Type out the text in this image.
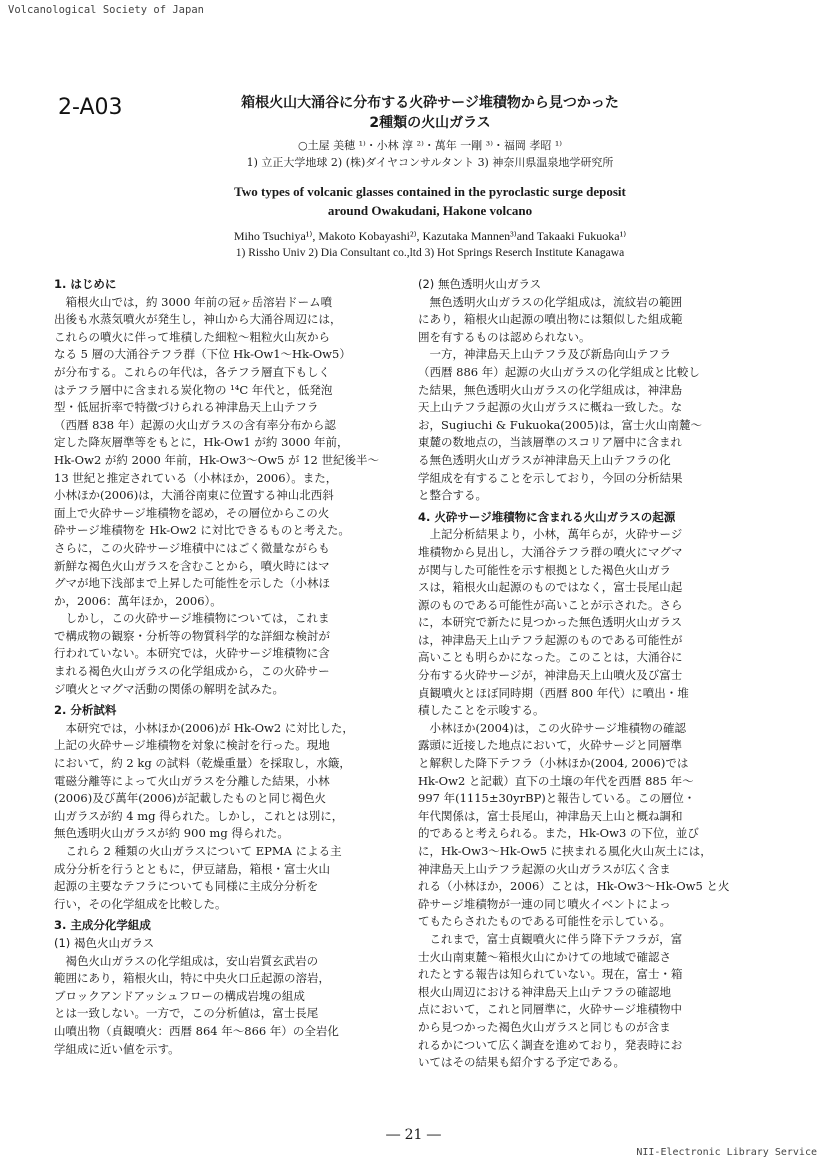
Volcanological Society of Japan
2-A03	箱根火山大涌谷に分布する火砕サージ堆積物から見つかった
2種類の火山ガラス
○土屋 美穂 ¹⁾・小林 淳 ²⁾・萬年 一剛 ³⁾・福岡 孝昭 ¹⁾
1) 立正大学地球 2) (株)ダイヤコンサルタント 3) 神奈川県温泉地学研究所
Two types of volcanic glasses contained in the pyroclastic surge deposit
around Owakudani, Hakone volcano
Miho Tsuchiya¹⁾, Makoto Kobayashi²⁾, Kazutaka Mannen³⁾and Takaaki Fukuoka¹⁾
1) Rissho Univ 2) Dia Consultant co.,ltd 3) Hot Springs Reserch Institute Kanagawa
1. はじめに
　箱根火山では，約 3000 年前の冠ヶ岳溶岩ドーム噴
出後も水蒸気噴火が発生し，神山から大涌谷周辺には，
これらの噴火に伴って堆積した細粒～粗粒火山灰から
なる 5 層の大涌谷テフラ群（下位 Hk-Ow1～Hk-Ow5）
が分布する。これらの年代は，各テフラ層直下もしく
はテフラ層中に含まれる炭化物の ¹⁴C 年代と，低発泡
型・低屈折率で特徴づけられる神津島天上山テフラ
（西暦 838 年）起源の火山ガラスの含有率分布から認
定した降灰層準等をもとに，Hk-Ow1 が約 3000 年前，
Hk-Ow2 が約 2000 年前，Hk-Ow3～Ow5 が 12 世紀後半～
13 世紀と推定されている（小林ほか，2006）。また，
小林ほか(2006)は，大涌谷南東に位置する神山北西斜
面上で火砕サージ堆積物を認め，その層位からこの火
砕サージ堆積物を Hk-Ow2 に対比できるものと考えた。
さらに，この火砕サージ堆積中にはごく微量ながらも
新鮮な褐色火山ガラスを含むことから，噴火時にはマ
グマが地下浅部まで上昇した可能性を示した（小林ほ
か，2006：萬年ほか，2006）。
　しかし，この火砕サージ堆積物については，これま
で構成物の観察・分析等の物質科学的な詳細な検討が
行われていない。本研究では，火砕サージ堆積物に含
まれる褐色火山ガラスの化学組成から，この火砕サー
ジ噴火とマグマ活動の関係の解明を試みた。
2. 分析試料
　本研究では，小林ほか(2006)が Hk-Ow2 に対比した，
上記の火砕サージ堆積物を対象に検討を行った。現地
において，約 2 kg の試料（乾燥重量）を採取し，水簸，
電磁分離等によって火山ガラスを分離した結果，小林
(2006)及び萬年(2006)が記載したものと同じ褐色火
山ガラスが約 4 mg 得られた。しかし，これとは別に，
無色透明火山ガラスが約 900 mg 得られた。
　これら 2 種類の火山ガラスについて EPMA による主
成分分析を行うとともに，伊豆諸島，箱根・富士火山
起源の主要なテフラについても同様に主成分分析を
行い，その化学組成を比較した。
3. 主成分化学組成
(1) 褐色火山ガラス
　褐色火山ガラスの化学組成は，安山岩質玄武岩の
範囲にあり，箱根火山，特に中央火口丘起源の溶岩，
ブロックアンドアッシュフローの構成岩塊の組成
とは一致しない。一方で，この分析値は，富士長尾
山噴出物（貞観噴火：西暦 864 年～866 年）の全岩化
学組成に近い値を示す。
(2) 無色透明火山ガラス
　無色透明火山ガラスの化学組成は，流紋岩の範囲
にあり，箱根火山起源の噴出物には類似した組成範
囲を有するものは認められない。
　一方，神津島天上山テフラ及び新島向山テフラ
（西暦 886 年）起源の火山ガラスの化学組成と比較し
た結果，無色透明火山ガラスの化学組成は，神津島
天上山テフラ起源の火山ガラスに概ね一致した。な
お，Sugiuchi & Fukuoka(2005)は，富士火山南麓～
東麓の数地点の，当該層準のスコリア層中に含まれ
る無色透明火山ガラスが神津島天上山テフラの化
学組成を有することを示しており，今回の分析結果
と整合する。
4. 火砕サージ堆積物に含まれる火山ガラスの起源
　上記分析結果より，小林，萬年らが，火砕サージ
堆積物から見出し，大涌谷テフラ群の噴火にマグマ
が関与した可能性を示す根拠とした褐色火山ガラ
スは，箱根火山起源のものではなく，富士長尾山起
源のものである可能性が高いことが示された。さら
に，本研究で新たに見つかった無色透明火山ガラス
は，神津島天上山テフラ起源のものである可能性が
高いことも明らかになった。このことは，大涌谷に
分布する火砕サージが，神津島天上山噴火及び富士
貞観噴火とほぼ同時期（西暦 800 年代）に噴出・堆
積したことを示唆する。
　小林ほか(2004)は，この火砕サージ堆積物の確認
露頭に近接した地点において，火砕サージと同層準
と解釈した降下テフラ（小林ほか(2004, 2006)では
Hk-Ow2 と記載）直下の土壌の年代を西暦 885 年～
997 年(1115±30yrBP)と報告している。この層位・
年代関係は，富士長尾山，神津島天上山と概ね調和
的であると考えられる。また，Hk-Ow3 の下位，並び
に，Hk-Ow3～Hk-Ow5 に挟まれる風化火山灰土には，
神津島天上山テフラ起源の火山ガラスが広く含ま
れる（小林ほか，2006）ことは，Hk-Ow3～Hk-Ow5 と火
砕サージ堆積物が一連の同じ噴火イベントによっ
てもたらされたものである可能性を示している。
　これまで，富士貞観噴火に伴う降下テフラが，富
士火山南東麓～箱根火山にかけての地域で確認さ
れたとする報告は知られていない。現在，富士・箱
根火山周辺における神津島天上山テフラの確認地
点において，これと同層準に，火砕サージ堆積物中
から見つかった褐色火山ガラスと同じものが含ま
れるかについて広く調査を進めており，発表時にお
いてはその結果も紹介する予定である。
― 21 ―
NII-Electronic Library Service
